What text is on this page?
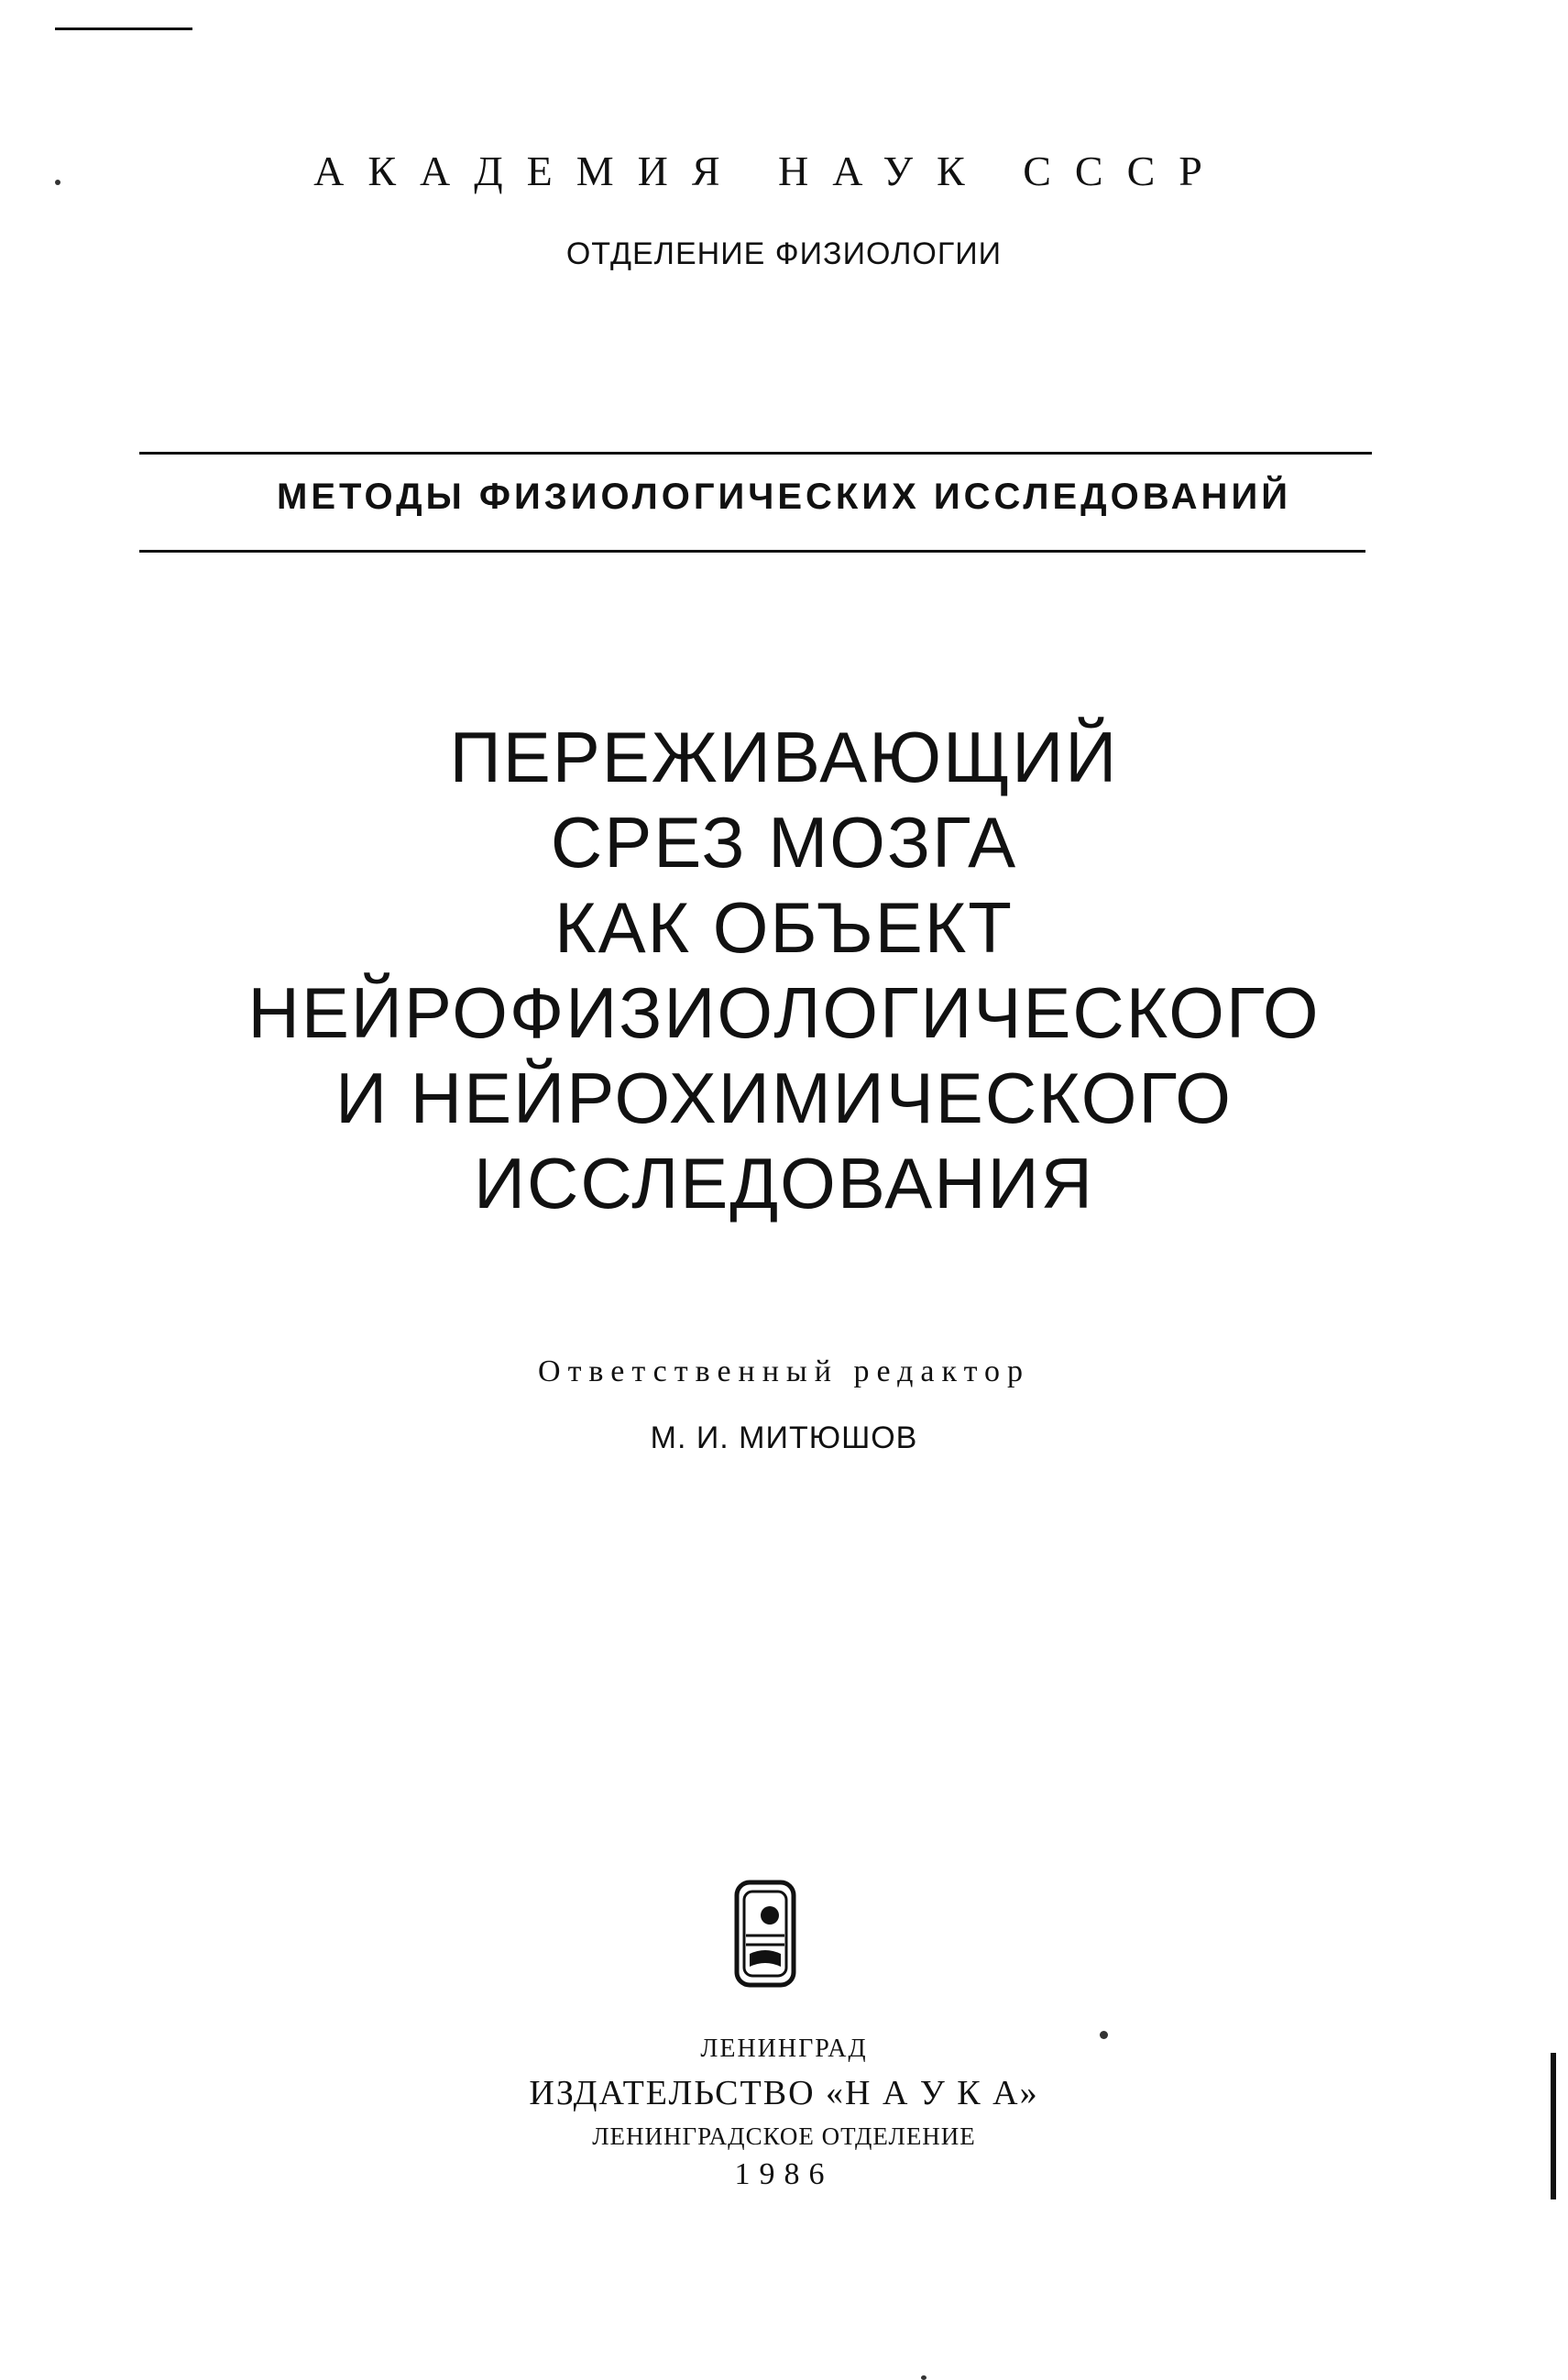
АКАДЕМИЯ НАУК СССР
ОТДЕЛЕНИЕ ФИЗИОЛОГИИ
МЕТОДЫ ФИЗИОЛОГИЧЕСКИХ ИССЛЕДОВАНИЙ
ПЕРЕЖИВАЮЩИЙ
СРЕЗ МОЗГА
КАК ОБЪЕКТ
НЕЙРОФИЗИОЛОГИЧЕСКОГО
И НЕЙРОХИМИЧЕСКОГО
ИССЛЕДОВАНИЯ
Ответственный редактор
М. И. МИТЮШОВ
ЛЕНИНГРАД
ИЗДАТЕЛЬСТВО «Н А У К А»
ЛЕНИНГРАДСКОЕ ОТДЕЛЕНИЕ
1986
